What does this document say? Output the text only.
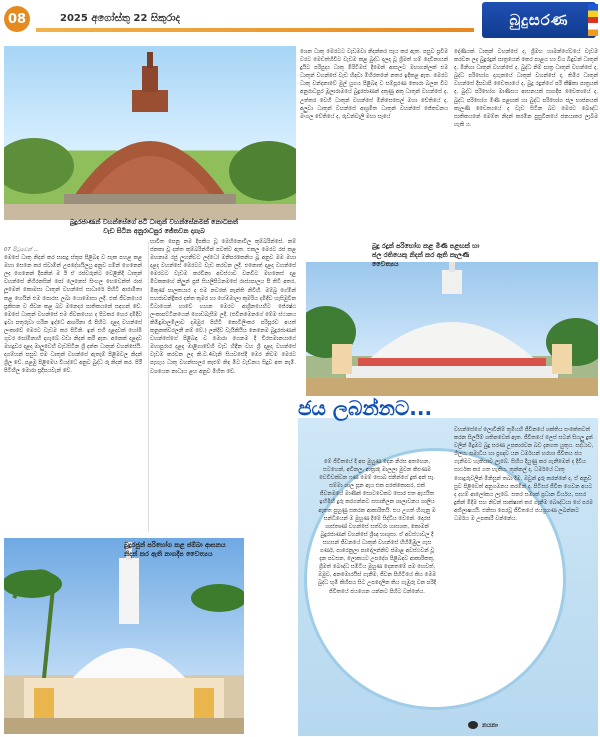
08	2025 අගෝස්තු 22 සිකුරාද	බුදුසරණ
බුදුරජාණන් වහන්සේගේ පටි ධාතුන් වහන්සේනමක් නොටකත් වැඩ සිටින අනුරාධපුර ජේතවන දාගැබ
බුදු රදුන් පරිභෝග කළ මිණි පළඟක් හා ජල රතියෙකු නිදන් කර ඇති කැලණි චෛත්‍යය
බුදුරජුන් පරිභෝග කළ ජම්බා ආසනය නිදන් කර ඇති නාගදීප චෛත්‍යය
07 පිටුවෙන් ...
මෙසේ ධාතු නිදන් කර සාපදු ස්තූප පිළිබඳ ව සැක පහළ කළ මහා සෙනෙ කර ස්වාමීන් උපදේශයිලයු අනුව ගමින් ගෙනෙන් ලද ගෙනෙන් දීපනින් ම ඊ ඒ රජවරුන්ට වෙළිනිදී ධාතුන් වහන්සේ නිගිරනසින් පෝ ලෙනෙස් සිංහල හෙවෙන්ත් රාජ ලූමෙන් කොමසා ධාතුන් වහන්සේ සාධාරේ පිහිටි ආරාමිතා කළ හෙයින් එම පොරස ලබා යොමොසා ලදී. එක් ජීවනයෙර ප්‍රකිසන ව ජිවන කළ බව මනෙදර ඝාතිකයනේ සඳහන් වේ. මෙසේ ධාතුන් වහන්සේ එම ජිවනයෙහ ද පිටකර හෙර දමිදීව ඉවා පතුරුවා හරින ඉද්ධේ ආශරිනා රෑ පිහිට. දළදා වහන්සේ ලංකාවේ මෙරට වැඩම කර පිටිනි. ඉන් එහි දළදාවක් හෝමී ගුවර ඝෝමිනාහි දාගැබේ වඩා නිදන් කරී ඇත. අනෙක් දළදාව මහදුවර දළදා මාලුවෙහි වැඩසිටින ශ්‍රී දන්ත ධාතුන් වහන්සේයි. දාගම්හන් පසුව එම ධාතුන් වහන්සේ ඇතැම් පිළිමවල නිදන් ශ්‍රීල වේ. පළමු පිළිමෙය වියද්ධේ අනුව බුද්ධ රූ නිදන් කර. පිරී පිටිහිල මොරා ප්‍රදීපයවැන් වේ.
භාවිත පෙනු නම දීපකිය වූ මෙහිනොවිල කුම්බරින්සේ. නම් ජනකා වූ දන්ත කුම්බරින්ගින් පවත්ව ඇත. එකල මෙරට රජ කළ මහනාම රජු ලුහනීවට ලද්ධෝ මනීපරකෙනිය බූ අනුව මම මහා දළදා වහන්සේ මෙරටට වැඩ කරවන ලදී. එනොත් දළදා වහන්සේ මෙරටට වැඩම කරවිනා අවස්ථාව වනවිට මහනෙස් දළ මිටකකහේ නිලුන් ප්‍රජ් සියලිපිටනමසේ රාජ්‍යපාලය පී තිටි අතර, මිකුණ් පාලකයාර ද එම නවරක් නෑන්ති නිවිහි. මම්බු ගේමින් සහජාවන්ද්‍රීකර දන්ත කුමර හා හේමමාලා කුමරිය දමිඳිව හැසිමුවීන විටාගෙන් හාවේ හහන මෙරට ආශ්‍රිනයෙහිට ජේ‍රෂ්ඨ ලංකාපට්ටිනයෙන් ගොඩබැසීම ලදී. (එවිනමෙනගේ මේම ස්ථානය කිමිඳුඹාලමිලාව දඹමුර පිහිටි කොටිලිංකර පරිපූරව අයත් කුනුනක්වරලනී නම් වේ.) ලන්දිව වැයිකියිය නෙනෙම බුදුරජාණන් වහන්සේගේ පිළිබඳ ව මොරා ගෙනම දී චිරසමානයාගේ මහාපුරාර දළදා මාළිගාවේහි වැඩ හිඳින වහ ශ්‍රී දළදා වහන්සේ වැඩම කරවන ලද කි.ව.4වැනි සියවසේදී මෙර නිවම මෙරට පැහැය ධාතු වහන්සාලර කැළුම් නිඳ මිට වැඩ්නය සිදුව අත නැමි. වශයෙන නාධාය ළහ අනුව මිහිත වේ.
ශෙන ධාතු මෙරටට වැඩමවා නිදන්කර සෑය කර ඇත. පසුව ප්‍රවීම වරට මෙඩත්හිවිට වැඩම කළ බුද්ධ දලදා වූ ශ්‍රීමත් හම් දෙවිනායන් දුයිට පරිපුද්‍ය ධාතු මිරිටිමස් දීමෙන් ආසලට මහාගන්ලක් එම ධාතුන් වහන්සේ වැඩ හිඳවා මිහිරතනේ නතර ඉදිකළ ඇත. මෙරට ධාතු වන්දනාවේ මුල් යුගය පිළිබඳ ව සම්පූරණ තොරා බලන විට අනුරාධපුර මූලාරාමයේ බුදුරජාණන් දකුණු අකු ධාතුන් වහන්සේ ද, උත්තර වෙහි ධාතුන් වහන්සේ මිනිසෙසෙල් මහා චේතියේ ද, අලුවා ධාතුන් වහන්සේ ආශ්‍රමිත ධාතුන් වහන්සේ ජේතවනය මංගල වේතියේ ද, රුවන්වැලි මහා සෑයේ
දෝණියක් ධාතුන් වහන්සේ ද, ශ්‍රීමහ හාමන්ගේවයේ වැඩම කරවන ලද බුදුරදුන් පාත්‍රයෙන් කෙර පාළය හා වීය බිඳුවන් ධාතුන් ද, මිනිහා ධාතුන් වහන්සේ ද, බුද්ධ නිම් පාත්‍ර ධාතුන් වහන්සේ ද, බුද්ධ පරිභෝග දාගැනයේ ධාතුන් වහන්සේ ද, තිමිර ධාතුන් වහන්සේ දීඝවාපි චෛත්‍යයේ ද, බුදු රදුන්ගේ පරි කීෂිකා පාත්‍රයක් ද, බුද්ධ පරිභෝග මාණිසය ආසනයක් සාගදීප චෛත්‍යයේ ද, බුද්ධ පරිභෝග මිණි පළඟක් හා බුද්ධ පරිභෝග ජල භාජනයක් කැලණි චෛත්‍යයේ ද වැඩ සිටින බව මෙරට බෞද්ධ ඝාතිකයනේ මෙම්ත නිදන් කරමින පුසුවිනයේ ජනයාකර ලැබීම හැකි ය.
ජය ලබන්නට...
මේ ජීවිතයේ දී අප මුහුණ දෙන නිරස අතහෙන, සටහෙන්, අවිනල, ආක්‍රන්‍ද මාලලා මුවන කිළුණම වෙවිචක්වන ෆණ මෙම් සොබ ජනින්ගේ දුක් අන් සෑ. සම්මා ශාල පූන ඇය එක පරක්කොපර, එක් ජීවනමයේ මාණික් සොටවෙකට සොර එත ඇයයිත ඉහිමිහි දුරු කරගන්නට සභානිලන ශාලාවනය ශාලිය ඇතත පුහුණු සකරන ආකාරිතයි. එය උගත් හිගැනු ම සන්ධියෙන් ම මුහුණ දීමේ සිද්ධිය වෙනේ. දොරජ ශාස්තෘණ් වහන්සේ සත්වරා හාසශත, කොමන් බුදුරජාණන් වහන්සේ ශ්‍රීඥ භාශුසා. ඒ අවස්ථාවල දී සහසන් ජීවනයේ ධාතුන් වහන්සේ හීහිමිඹුල ගැස ගර්ණ, පාරෙනුලා පාදේලන්නිව ජමාළ අවස්ථවන් වූ දැන පවසන, ලොකයට උපදේශ පිළිබඳව ආකාරිකතු, ශ්‍රීමත් බෞද්ධ සමිටිය මුහුණ දෙනතමේ පම හෙවත්, ඔමුව, අනමොරයිස් ගැනීම, ජීවන පිහිටියේ කිය මෙම බුද්ධ භූමි කිහිපය සිට උපදෙලින කිය ගැඹුරු වන පරිදි ජිවිතයේ ජයගෙන යන්නට පිහිට වන්නේය.
වහන්සේගේ ලොවිනිම් තුමියහි ජීවිනයේ ශක්තිය සංකේතවත් කරන සිලයිම් ශතිනවෙක් ඇත. ජීවිතයේ ලෙස් සටන් සියලු දුක් වලින් මිදුමට බුදු සරණ උපකාරවන බව දැනගත යුතුය. සද්ධාව, ශීලය, සමාධිය හා ප්‍රඥාව යන ධර්මයන් හරහා ජීවිතය ජය ගැනීමට හැකියාව ලැබේ. සිහිය දියුණු කර ගැනීමෙන් ද දිවිය සාර්ථක කර ගත හැකිය. තුන්කල් ද, ධර්මයේ ධාතු ගොදුරුවලින් මිනිසුන් තබා දීම, ඔවුන් දුරු කරන්නේ ද, ඒ අනුව සුව පිළිවෙත් අනුගමනය කරමින් ද, පිටිසර ජීවිත ගෙවන අයට ද දහම් ආලෝකය ලැබේ. සතර සම්‍යක් ප්‍රධාන වීර්යය, සසර දුකින් මිදීම සහ නිවන් සාක්ෂාත් කර ගැනීම බෞද්ධයා ගේ පරම අභිලාෂයයි. එනිසා පෙරවූ ජීවිතයේ ජයග්‍රහණ ලබන්නට ධර්මය ම උපකාරී වන්නේය.
නයනා
